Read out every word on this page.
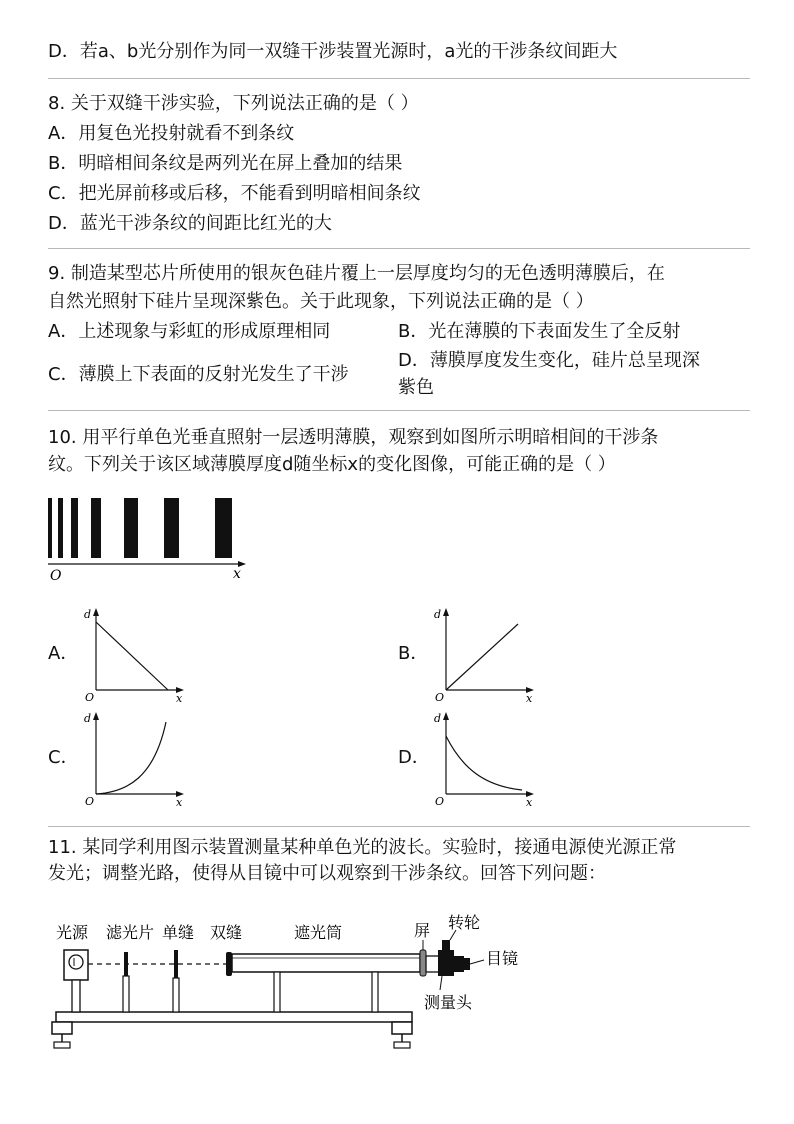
D．若a、b光分别作为同一双缝干涉装置光源时，a光的干涉条纹间距大
8. 关于双缝干涉实验，下列说法正确的是（ ）
A．用复色光投射就看不到条纹
B．明暗相间条纹是两列光在屏上叠加的结果
C．把光屏前移或后移，不能看到明暗相间条纹
D．蓝光干涉条纹的间距比红光的大
9. 制造某型芯片所使用的银灰色硅片覆上一层厚度均匀的无色透明薄膜后，在
自然光照射下硅片呈现深紫色。关于此现象，下列说法正确的是（ ）
A．上述现象与彩虹的形成原理相同	B．光在薄膜的下表面发生了全反射
C．薄膜上下表面的反射光发生了干涉
D．薄膜厚度发生变化，硅片总呈现深
紫色
10. 用平行单色光垂直照射一层透明薄膜，观察到如图所示明暗相间的干涉条
纹。下列关于该区域薄膜厚度d随坐标x的变化图像，可能正确的是（ ）
O	x
A．
d
O	x
B．
d
O	x
C．
d
O	x
D．
d
O	x
11. 某同学利用图示装置测量某种单色光的波长。实验时，接通电源使光源正常
发光；调整光路，使得从目镜中可以观察到干涉条纹。回答下列问题：
光源 滤光片 单缝 双缝	遮光筒	屏 转轮
目镜
测量头
